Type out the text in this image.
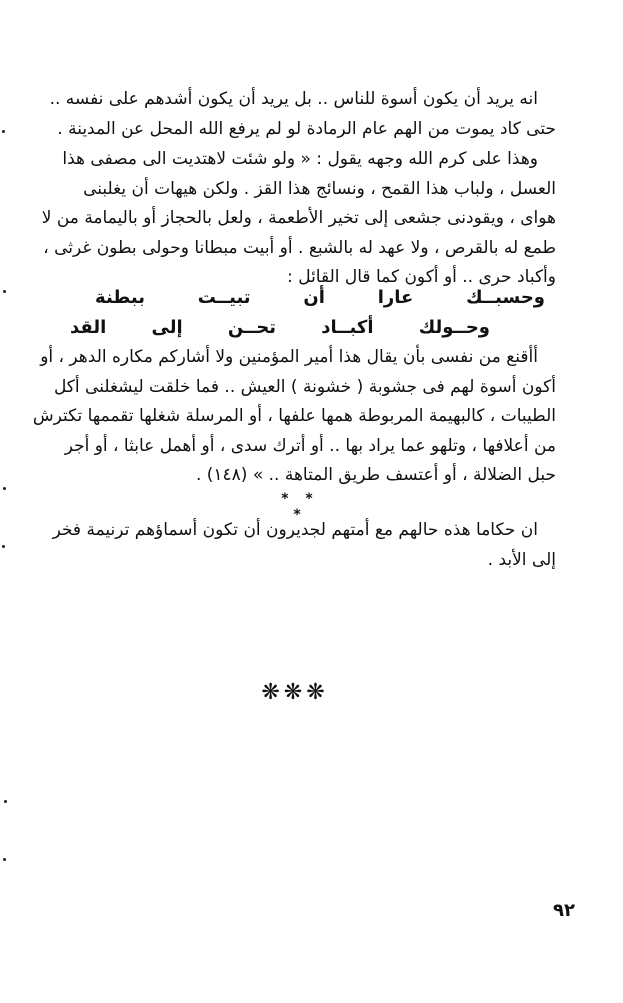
انه يريد أن يكون أسوة للناس .. بل يريد أن يكون أشدهم على نفسه ..
حتى كاد يموت من الهم عام الرمادة لو لم يرفع الله المحل عن المدينة .
وهذا على كرم الله وجهه يقول : « ولو شئت لاهتديت الى مصفى هذا
العسل ، ولباب هذا القمح ، ونسائج هذا القز . ولكن هيهات أن يغلبنى
هواى ، ويقودنى جشعى إلى تخير الأطعمة ، ولعل بالحجاز أو باليمامة من لا
طمع له بالقرص ، ولا عهد له بالشبع . أو أبيت مبطانا وحولى بطون غرثى ،
وأكباد حرى .. أو أكون كما قال القائل :
وحسبــك
عارا
أن
تبيــت
ببطنة
وحــولك
أكبــاد
تحــن
إلى
القد
أأقنع من نفسى بأن يقال هذا أمير المؤمنين ولا أشاركم مكاره الدهر ، أو
أكون أسوة لهم فى جشوبة ( خشونة ) العيش .. فما خلقت ليشغلنى أكل
الطيبات ، كالبهيمة المربوطة همها علفها ، أو المرسلة شغلها تقممها تكترش
من أعلافها ، وتلهو عما يراد بها .. أو أترك سدى ، أو أهمل عابثا ، أو أجر
حبل الضلالة ، أو أعتسف طريق المتاهة .. » (١٤٨) .
* * *
ان حكاما هذه حالهم مع أمتهم لجديرون أن تكون أسماؤهم ترنيمة فخر
إلى الأبد .
❋❋❋
٩٢
